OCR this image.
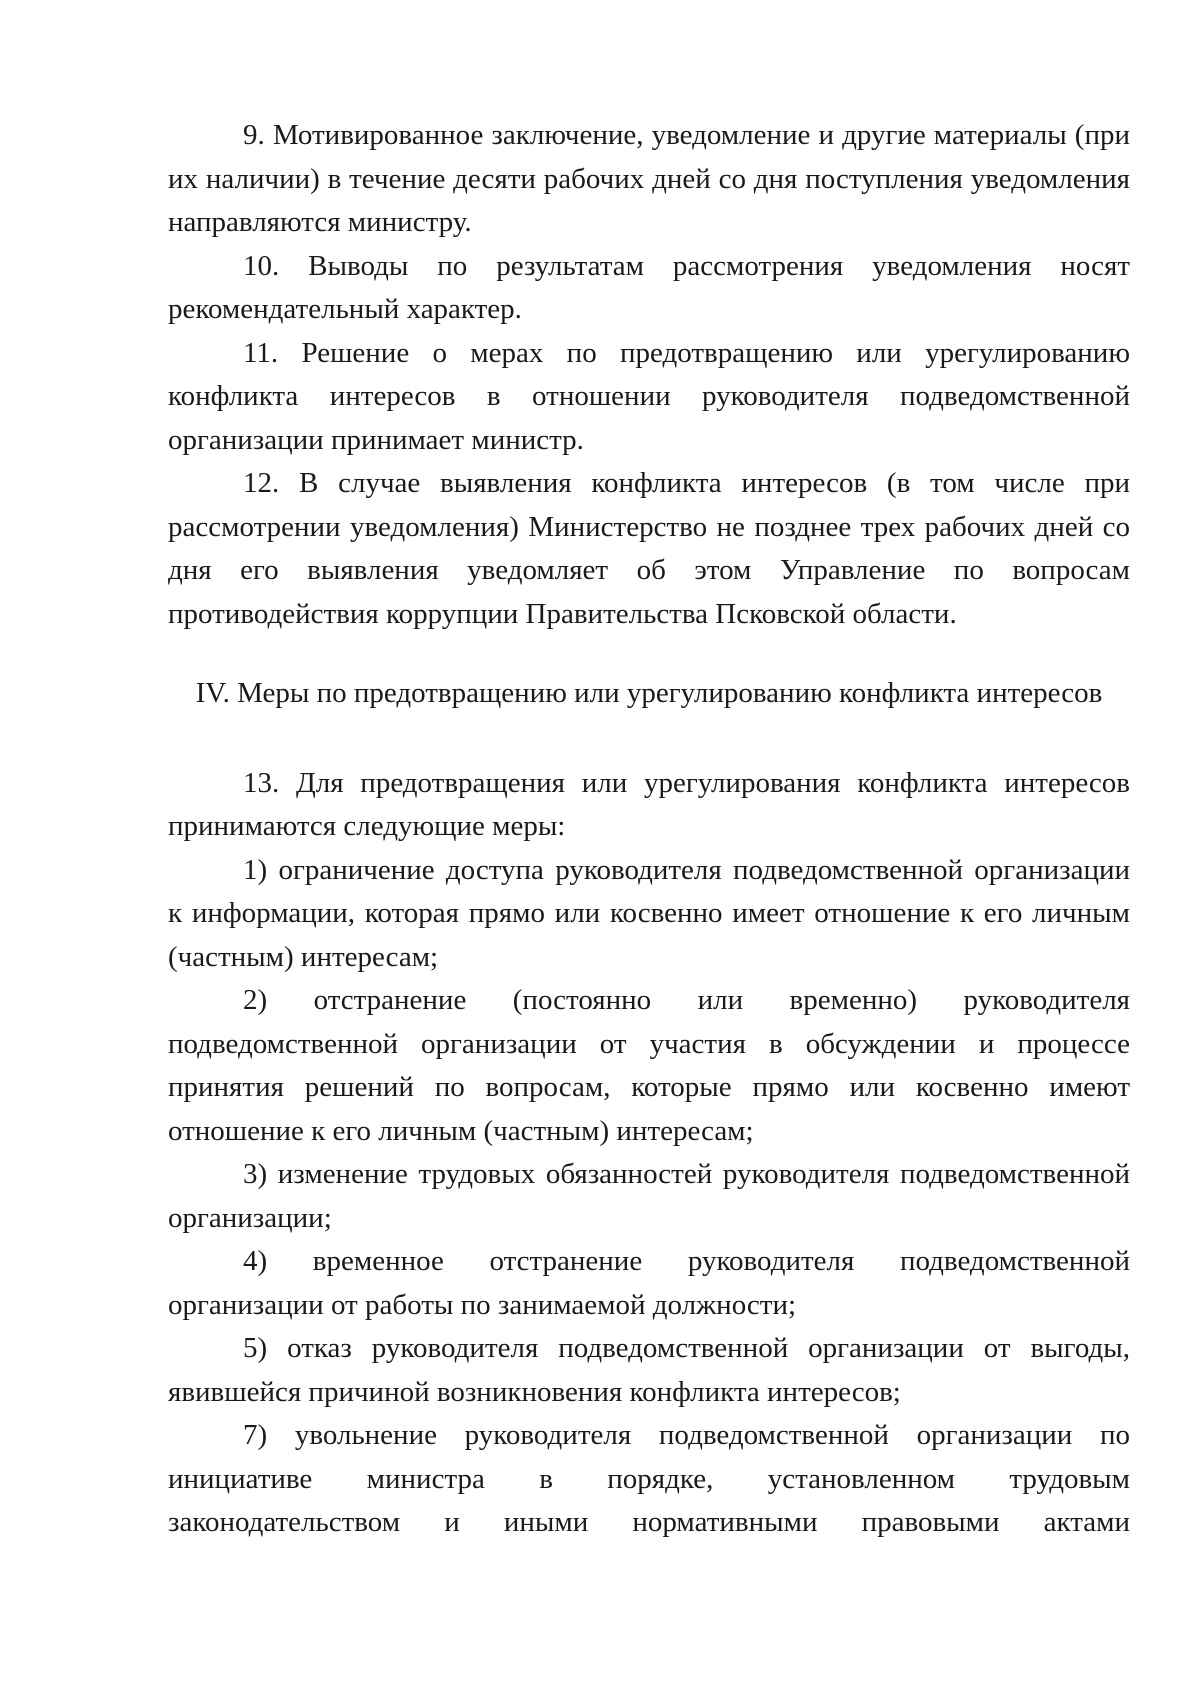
9. Мотивированное заключение, уведомление и другие материалы (при их наличии) в течение десяти рабочих дней со дня поступления уведомления направляются министру.

10. Выводы по результатам рассмотрения уведомления носят рекомендательный характер.

11. Решение о мерах по предотвращению или урегулированию конфликта интересов в отношении руководителя подведомственной организации принимает министр.

12. В случае выявления конфликта интересов (в том числе при рассмотрении уведомления) Министерство не позднее трех рабочих дней со дня его выявления уведомляет об этом Управление по вопросам противодействия коррупции Правительства Псковской области.

IV. Меры по предотвращению или урегулированию конфликта интересов

13. Для предотвращения или урегулирования конфликта интересов принимаются следующие меры:

1) ограничение доступа руководителя подведомственной организации к информации, которая прямо или косвенно имеет отношение к его личным (частным) интересам;

2) отстранение (постоянно или временно) руководителя подведомственной организации от участия в обсуждении и процессе принятия решений по вопросам, которые прямо или косвенно имеют отношение к его личным (частным) интересам;

3) изменение трудовых обязанностей руководителя подведомственной организации;

4) временное отстранение руководителя подведомственной организации от работы по занимаемой должности;

5) отказ руководителя подведомственной организации от выгоды, явившейся причиной возникновения конфликта интересов;

7) увольнение руководителя подведомственной организации по инициативе министра в порядке, установленном трудовым законодательством и иными нормативными правовыми актами
